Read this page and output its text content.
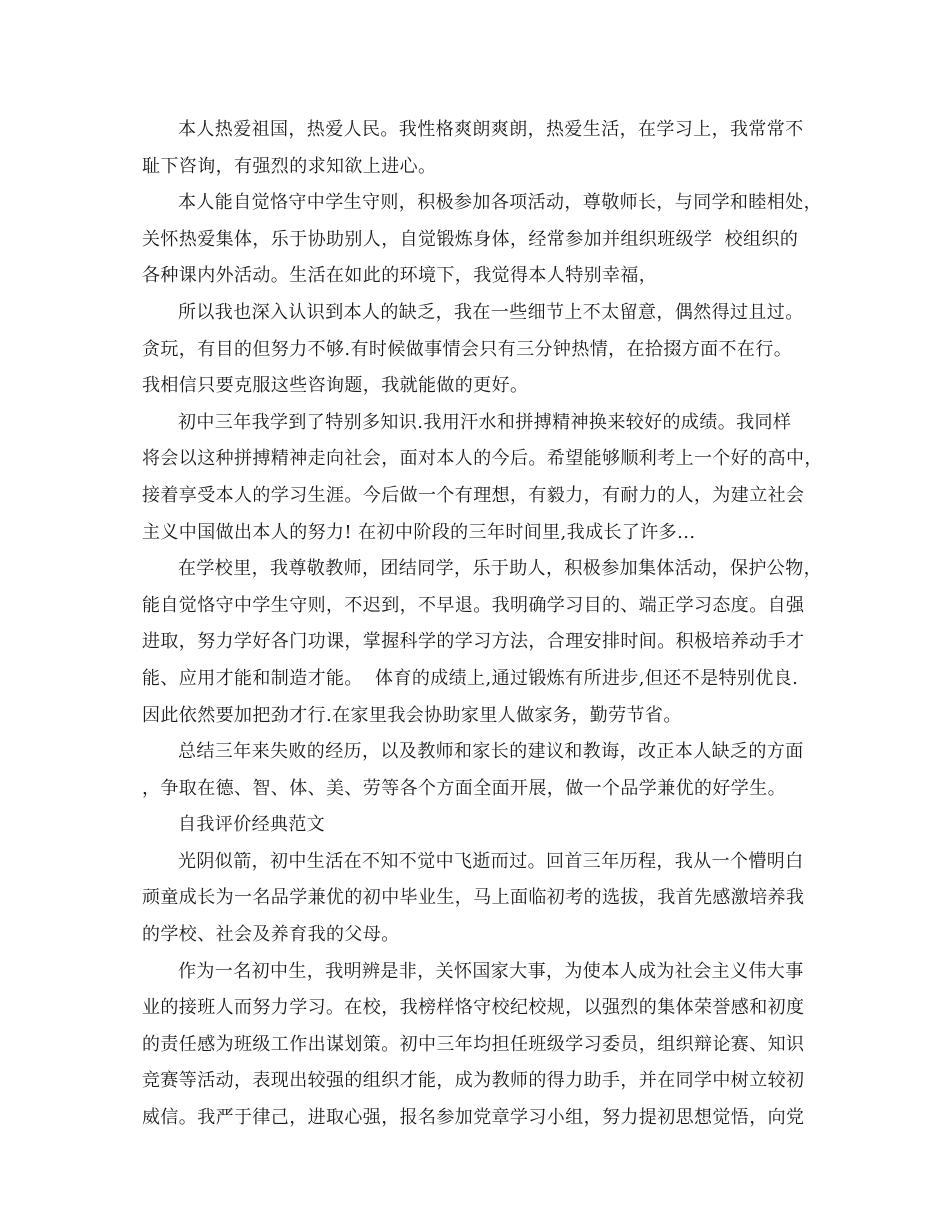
本人热爱祖国，热爱人民。我性格爽朗爽朗，热爱生活，在学习上，我常常不
耻下咨询，有强烈的求知欲上进心。
本人能自觉恪守中学生守则，积极参加各项活动，尊敬师长，与同学和睦相处，
关怀热爱集体，乐于协助别人，自觉锻炼身体，经常参加并组织班级学  校组织的
各种课内外活动。生活在如此的环境下，我觉得本人特别幸福，
所以我也深入认识到本人的缺乏，我在一些细节上不太留意，偶然得过且过。
贪玩，有目的但努力不够.有时候做事情会只有三分钟热情，在拾掇方面不在行。
我相信只要克服这些咨询题，我就能做的更好。
初中三年我学到了特别多知识.我用汗水和拼搏精神换来较好的成绩。我同样
将会以这种拼搏精神走向社会，面对本人的今后。希望能够顺利考上一个好的高中，
接着享受本人的学习生涯。今后做一个有理想，有毅力，有耐力的人，为建立社会
主义中国做出本人的努力! 在初中阶段的三年时间里,我成长了许多...
在学校里，我尊敬教师，团结同学，乐于助人，积极参加集体活动，保护公物，
能自觉恪守中学生守则，不迟到，不早退。我明确学习目的、端正学习态度。自强
进取，努力学好各门功课，掌握科学的学习方法，合理安排时间。积极培养动手才
能、应用才能和制造才能。  体育的成绩上,通过锻炼有所进步,但还不是特别优良.
因此依然要加把劲才行.在家里我会协助家里人做家务，勤劳节省。
总结三年来失败的经历，以及教师和家长的建议和教诲，改正本人缺乏的方面
，争取在德、智、体、美、劳等各个方面全面开展，做一个品学兼优的好学生。
自我评价经典范文
光阴似箭，初中生活在不知不觉中飞逝而过。回首三年历程，我从一个懵明白
顽童成长为一名品学兼优的初中毕业生，马上面临初考的选拔，我首先感激培养我
的学校、社会及养育我的父母。
作为一名初中生，我明辨是非，关怀国家大事，为使本人成为社会主义伟大事
业的接班人而努力学习。在校，我榜样恪守校纪校规，以强烈的集体荣誉感和初度
的责任感为班级工作出谋划策。初中三年均担任班级学习委员，组织辩论赛、知识
竞赛等活动，表现出较强的组织才能，成为教师的得力助手，并在同学中树立较初
威信。我严于律己，进取心强，报名参加党章学习小组，努力提初思想觉悟，向党
